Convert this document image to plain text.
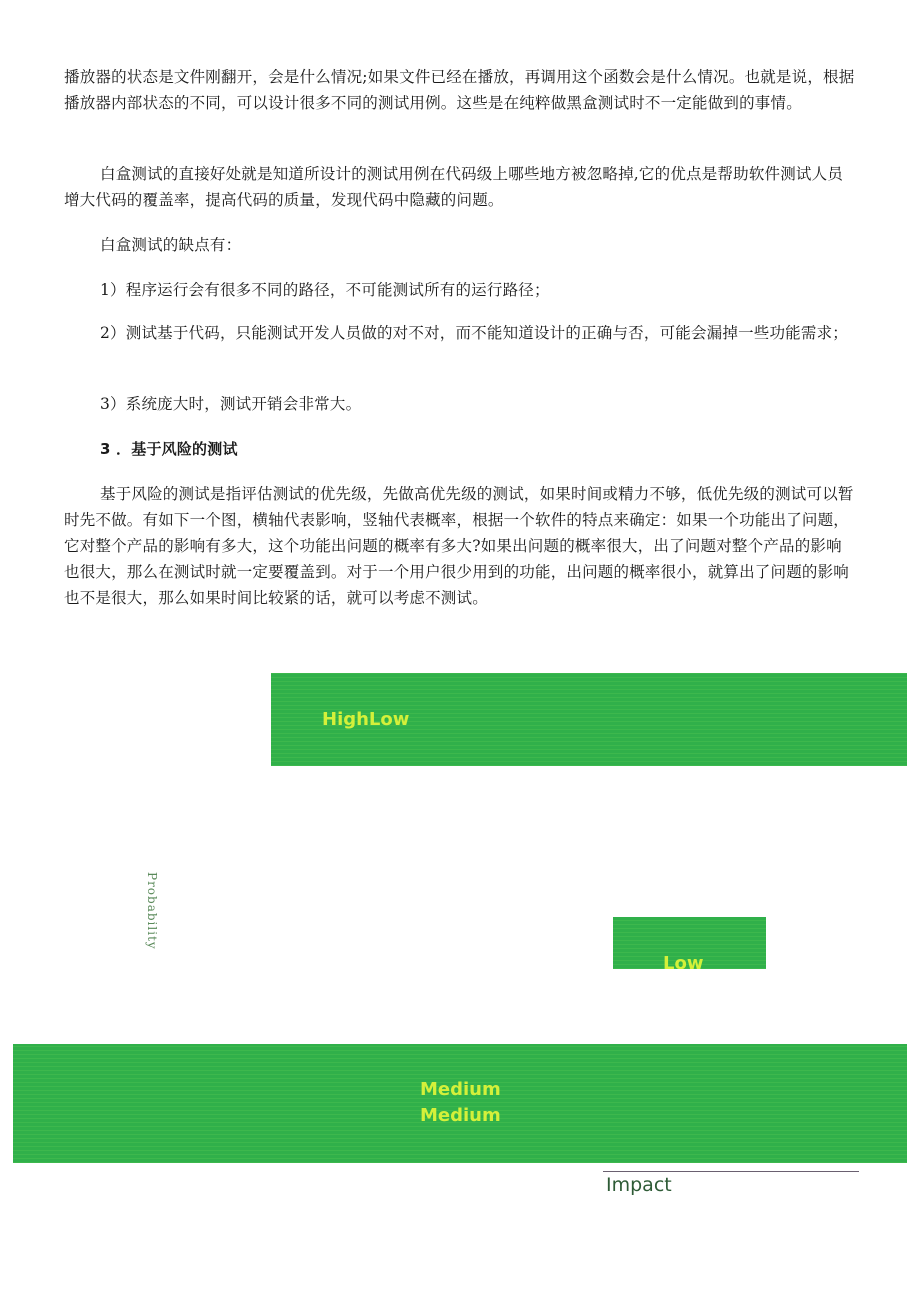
播放器的状态是文件刚翻开，会是什么情况;如果文件已经在播放，再调用这个函数会是什么情况。也就是说，根据播放器内部状态的不同，可以设计很多不同的测试用例。这些是在纯粹做黑盒测试时不一定能做到的事情。

白盒测试的直接好处就是知道所设计的测试用例在代码级上哪些地方被忽略掉,它的优点是帮助软件测试人员增大代码的覆盖率，提高代码的质量，发现代码中隐藏的问题。

白盒测试的缺点有：

1）程序运行会有很多不同的路径，不可能测试所有的运行路径；

2）测试基于代码，只能测试开发人员做的对不对，而不能知道设计的正确与否，可能会漏掉一些功能需求；

3）系统庞大时，测试开销会非常大。

3 ．基于风险的测试

基于风险的测试是指评估测试的优先级，先做高优先级的测试，如果时间或精力不够，低优先级的测试可以暂时先不做。有如下一个图，横轴代表影响，竖轴代表概率，根据一个软件的特点来确定：如果一个功能出了问题，它对整个产品的影响有多大，这个功能出问题的概率有多大?如果出问题的概率很大，出了问题对整个产品的影响也很大，那么在测试时就一定要覆盖到。对于一个用户很少用到的功能，出问题的概率很小，就算出了问题的影响也不是很大，那么如果时间比较紧的话，就可以考虑不测试。

HighLow
Probability
Low
Medium
Medium
Impact
